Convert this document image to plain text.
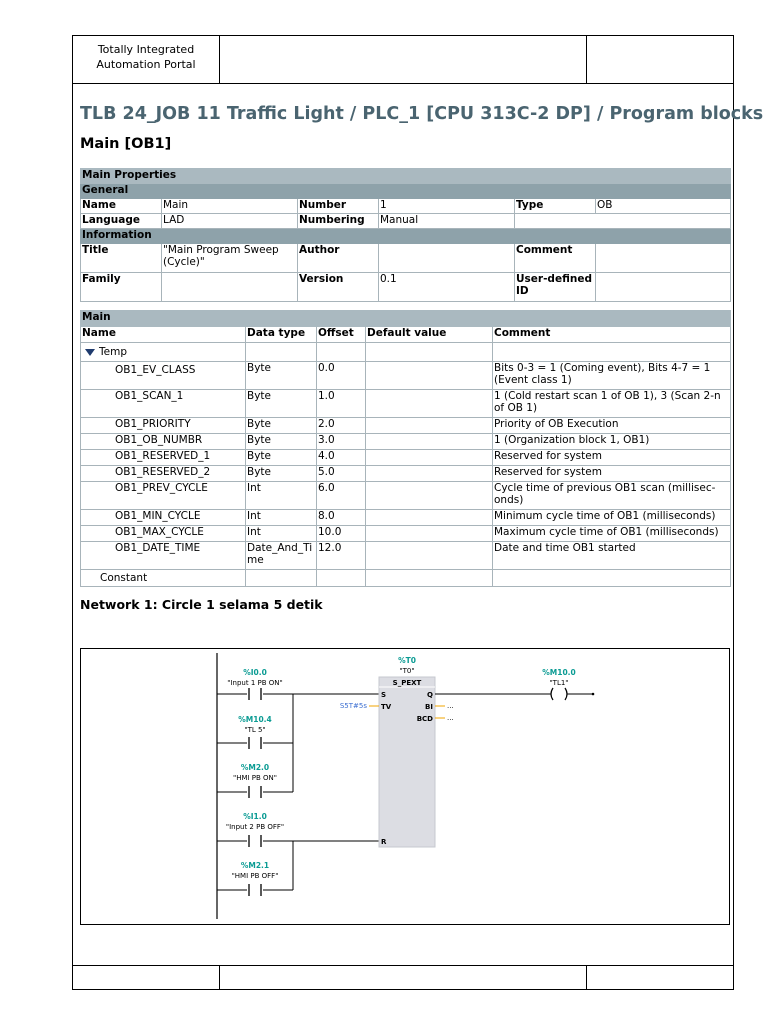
Totally Integrated
Automation Portal
TLB 24_JOB 11 Traffic Light / PLC_1 [CPU 313C-2 DP] / Program blocks
Main [OB1]
Main Properties					
General					
Name	Main	Number	1	Type	OB
Language	LAD	Numbering	Manual		
Information					
Title	"Main Program Sweep (Cycle)"	Author		Comment	
Family		Version	0.1	User-defined ID	
Main				
Name	Data type	Offset	Default value	Comment
Temp				
OB1_EV_CLASS	Byte	0.0		Bits 0-3 = 1 (Coming event), Bits 4-7 = 1 (Event class 1)
OB1_SCAN_1	Byte	1.0		1 (Cold restart scan 1 of OB 1), 3 (Scan 2-n of OB 1)
OB1_PRIORITY	Byte	2.0		Priority of OB Execution
OB1_OB_NUMBR	Byte	3.0		1 (Organization block 1, OB1)
OB1_RESERVED_1	Byte	4.0		Reserved for system
OB1_RESERVED_2	Byte	5.0		Reserved for system
OB1_PREV_CYCLE	Int	6.0		Cycle time of previous OB1 scan (millisec-onds)
OB1_MIN_CYCLE	Int	8.0		Minimum cycle time of OB1 (milliseconds)
OB1_MAX_CYCLE	Int	10.0		Maximum cycle time of OB1 (milliseconds)
OB1_DATE_TIME	Date_And_Ti me	12.0		Date and time OB1 started
Constant				
Network 1: Circle 1 selama 5 detik
%I0.0
"Input 1 PB ON"
%M10.4
"TL 5"
%M2.0
"HMI PB ON"
%I1.0
"Input 2 PB OFF"
%M2.1
"HMI PB OFF"
%T0
"T0"
S_PEXT
S
TV
R
Q
BI
BCD
S5T#5s	...
...
%M10.0
"TL1"
